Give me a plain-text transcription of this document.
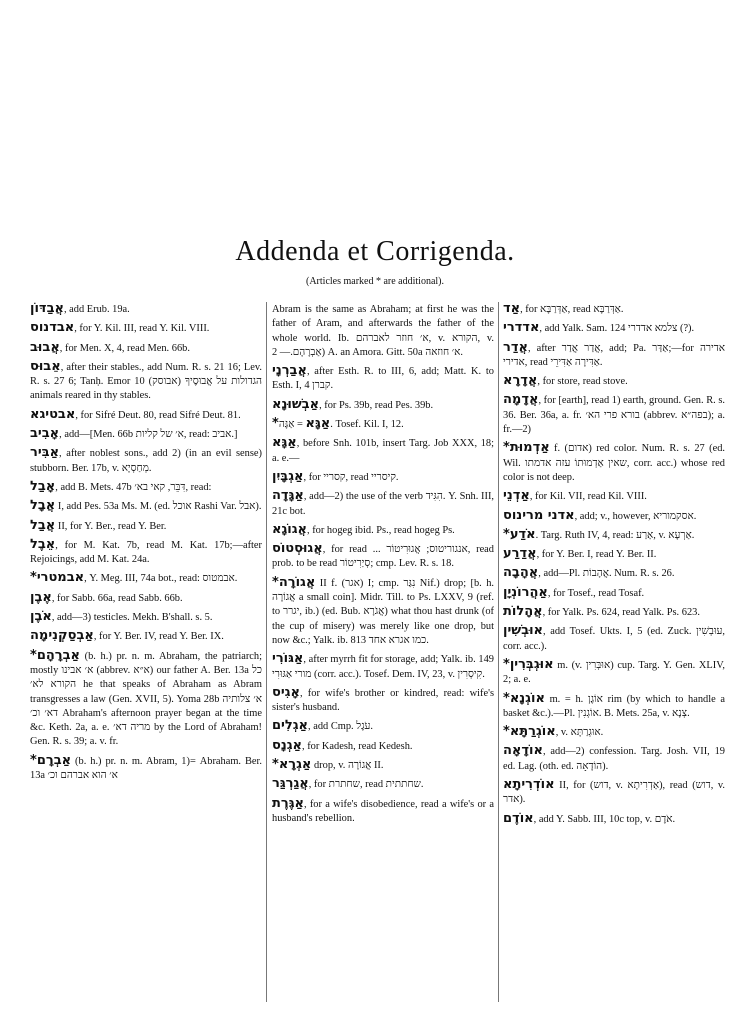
Addenda et Corrigenda.
(Articles marked * are additional).

אֲבַדּוֹן, add Erub. 19a.

אבדנוס, for Y. Kil. III, read Y. Kil. VIII.

אֲבוּב, for Men. X, 4, read Men. 66b.

אֵבוּס, after their stables., add Num. R. s. 21 16; Lev. R. s. 27 6; Tanḥ. Emor 10 (אבוסק) הגדולות על אֲבוּסֶיךָ animals reared in thy stables.

אבטיגא, for Sifré Deut. 80, read Sifré Deut. 81.

אָבִיב, add—[Men. 66b א׳ של קליות, read: אביב.]

אַבִּיר, after noblest sons., add 2) (in an evil sense) stubborn. Ber. 17b, v. מְחַסְיָא.

אָבַל, add B. Mets. 47b דִּבֵּר, קאי בא׳, read:

אֲבָל I, add Pes. 53a Ms. M. (ed. אוכל Rashi Var. אבל).

אֲבַל II, for Y. Ber., read Y. Ber.

אֵבֶל, for M. Kat. 7b, read M. Kat. 17b;—after Rejoicings, add M. Kat. 24a.

*אבמטרי, Y. Meg. III, 74a bot., read: אבמטוס.

אֶבֶן, for Sabb. 66a, read Sabb. 66b.

אֹבֶן, add—3) testicles. Mekh. B'shall. s. 5.

אַבְסַקְנִימָה, for Y. Ber. IV, read Y. Ber. IX.

*אַבְרָהָם (b. h.) pr. n. m. Abraham, the patriarch; mostly א׳ אבינו (abbrev. א״א) our father A. Ber. 13a כל הקורא לא׳ he that speaks of Abraham as Abram transgresses a law (Gen. XVII, 5). Yoma 28b א׳ צלותיה דא׳ וכ׳ Abraham's afternoon prayer began at the time &c. Keth. 2a, a. e. מריה דא׳ by the Lord of Abraham! Gen. R. s. 39; a. v. fr.

*אַבְרָם (b. h.) pr. n. m. Abram, 1)= Abraham. Ber. 13a א׳ הוא אברהם וכ׳

Abram is the same as Abraham; at first he was the father of Aram, and afterwards the father of the whole world. Ib. א׳ חוזר לאברהם, v. הקורא, v. אַבְרָהָם.— 2) A. an Amora. Gitt. 50a א׳ חוזאה.

אֲבַרְנָי, after Esth. R. to III, 6, add; Matt. K. to Esth. I, 4 קברן.

אַבְשׁוּנָא, for Ps. 39b, read Pes. 39b.

*אַגָּא = אַגָּה. Tosef. Kil. I, 12.

אַגָּא, before Snh. 101b, insert Targ. Job XXX, 18; a. e.—

אַגְבָּיִן, for קסריי, read קיסריי.

אַגָּדָה, add—2) the use of the verb הִגִּיד. Y. Snh. III, 21c bot.

אֲגוֹגָא, for hogeg ibid. Ps., read hogeg Ps.

אֲגוּסְטוֹס, for read ... אנגוריטוס; אֲגוּרִיטוֹר, read prob. to be read סְיַרִיטוֹר; cmp. Lev. R. s. 18.

*אֲגוֹרָה II f. (אגר) I; cmp. נִגַּר Nif.) drop; [b. h. אֲגוֹרָה a small coin]. Midr. Till. to Ps. LXXV, 9 (ref. to יגרר, ib.) (ed. Bub. אֲגֹרָא) what thou hast drunk (of the cup of misery) was merely like one drop, but now &c.; Yalk. ib. 813 כמו אגרא אחד.

אַגּוֹרִי, after myrrh fit for storage, add; Yalk. ib. 149 מורי אַגּוּרִי (corr. acc.). Tosef. Dem. IV, 23, v. קִיסְרִין.

אָגִיס, for wife's brother or kindred, read: wife's sister's husband.

אַגְלִים, add Cmp. עֹגֶל.

אַגְנָס, for Kadesh, read Kedesh.

*אַגְרָא drop, v. אֲגוֹרָה II.

אֲגַרְגַּר, for שחתרת, read שחתתית.

אַגֶּרֶת, for a wife's disobedience, read a wife's or a husband's rebellion.

אַד, for אַדְּרַבָּא, read אַדְּרַבָּא.

אדדרי, add Yalk. Sam. 124 צלמא אדדרי (?).

אֲדַר, after אֲדַר אֲדַר, add; Pa. אַדַּר;—for אדירה אדירי, read אַדִּירָה אַדִּירֵי.

אֲדָרָא, for store, read stove.

אֲדָמָה, for [earth], read 1) earth, ground. Gen. R. s. 36. Ber. 36a, a. fr. בורא פרי הא׳ (abbrev. בפה״א); a. fr.—2)

*אַדְמוּת f. (אדום) red color. Num. R. s. 27 (ed. Wil. שאין אַדְמוּתוֹ עזה אדמתו, corr. acc.) whose red color is not deep.

אַדְנֵי, for Kil. VII, read Kil. VIII.

אדני מרינוס, add; v., however, אסקמוריא.

*אֹדַע. Targ. Ruth IV, 4, read: אַרַע, v. אַרְעָא.

אֲדַרַע, for Y. Ber. I, read Y. Ber. II.

אֲהָבָה, add—Pl. אֲהָבוֹת. Num. R. s. 26.

אַהֲרוֹנְיָן, for Tosef., read Tosaf.

אֲהָלוֹת, for Yalk. Ps. 624, read Yalk. Ps. 623.

אוּבְשִׁין, add Tosef. Ukts. I, 5 (ed. Zuck. עוּבְשִׁין, corr. acc.).

*אוּגְבְּרִין m. (v. אוּבְּרִין) cup. Targ. Y. Gen. XLIV, 2; a. e.

*אוֹגְנָא m. = h. אוֹגֶן rim (by which to handle a basket &c.).—Pl. אוֹגְנִין. B. Mets. 25a, v. צְנָא.

*אוֹגְרַתָּא, v. אוּגְרַתָּא.

אוֹדָאָה, add—2) confession. Targ. Josh. VII, 19 ed. Lag. (oth. ed. הוֹדָאָה).

אוֹדְרִיתָא II, for (דוש, v. אַדְרִיתָא), read (דוש, v. אדר).

אוֹדֶם, add Y. Sabb. III, 10c top, v. אֹדֶם.
